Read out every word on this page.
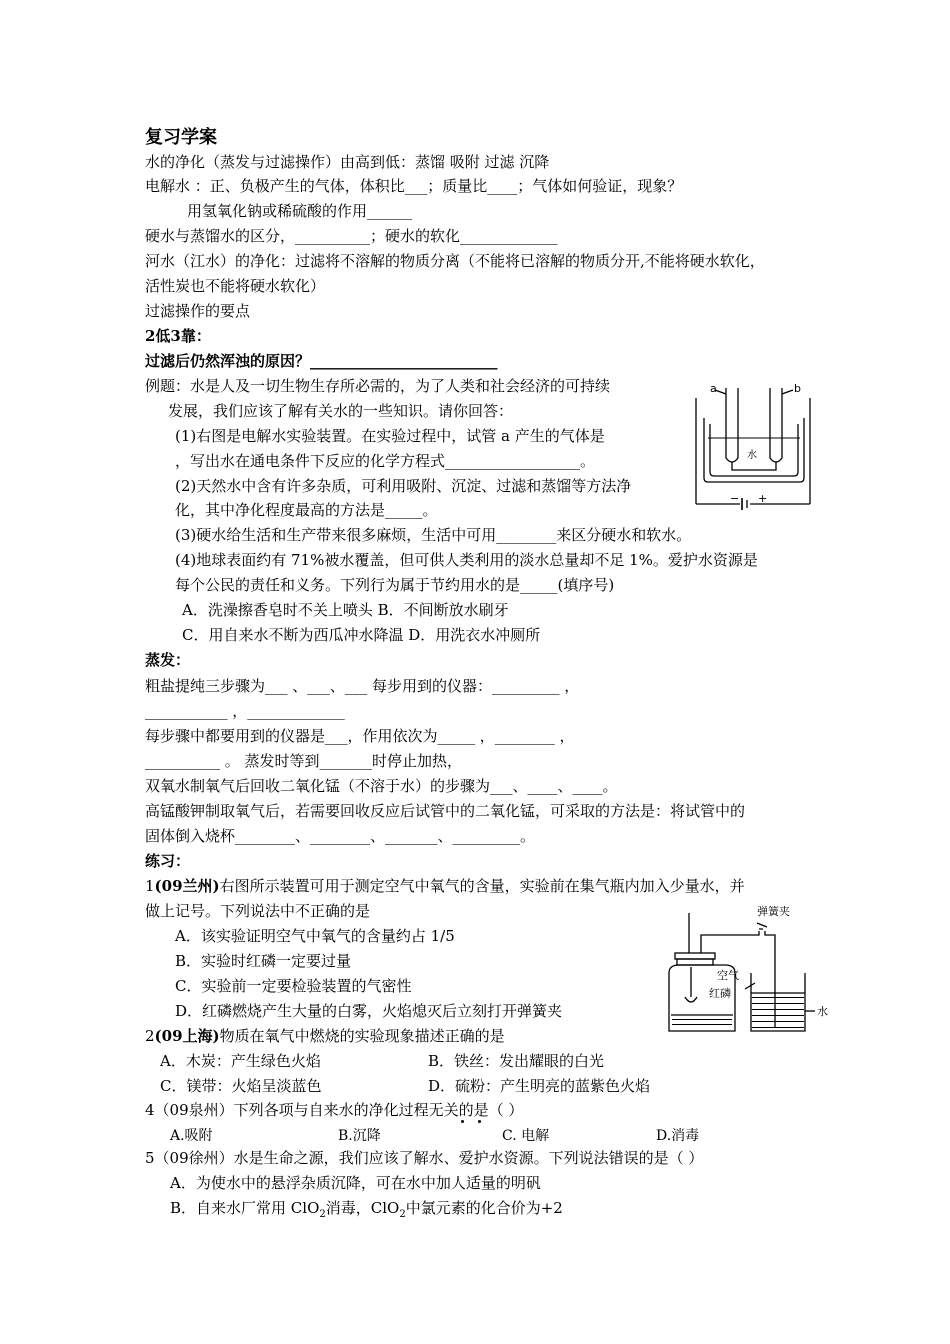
复习学案
水的净化（蒸发与过滤操作）由高到低：蒸馏 吸附 过滤 沉降
电解水 ：正、负极产生的气体，体积比___；质量比____；气体如何验证，现象？
用氢氧化钠或稀硫酸的作用______
硬水与蒸馏水的区分，__________；硬水的软化_____________
河水（江水）的净化：过滤将不溶解的物质分离（不能将已溶解的物质分开,不能将硬水软化，
活性炭也不能将硬水软化）
过滤操作的要点
2低3靠：
过滤后仍然浑浊的原因？_________________________
例题：水是人及一切生物生存所必需的，为了人类和社会经济的可持续
发展，我们应该了解有关水的一些知识。请你回答：
(1)右图是电解水实验装置。在实验过程中，试管 a 产生的气体是
，写出水在通电条件下反应的化学方程式__________________。
(2)天然水中含有许多杂质，可利用吸附、沉淀、过滤和蒸馏等方法净
化，其中净化程度最高的方法是_____。
(3)硬水给生活和生产带来很多麻烦，生活中可用________来区分硬水和软水。
(4)地球表面约有 71%被水覆盖，但可供人类利用的淡水总量却不足 1%。爱护水资源是
每个公民的责任和义务。下列行为属于节约用水的是_____(填序号)
A．洗澡擦香皂时不关上喷头 B．不间断放水刷牙
C．用自来水不断为西瓜冲水降温 D．用洗衣水冲厕所
蒸发：
粗盐提纯三步骤为___ 、___、___ 每步用到的仪器：_________ ，
___________ ，_____________
每步骤中都要用到的仪器是___，作用依次为_____ ，________ ，
__________ 。 蒸发时等到_______时停止加热，
双氧水制氧气后回收二氧化锰（不溶于水）的步骤为___、____、____。
高锰酸钾制取氧气后，若需要回收反应后试管中的二氧化锰，可采取的方法是：将试管中的
固体倒入烧杯________、________、_______、_________。
练习：
1(09兰州)右图所示装置可用于测定空气中氧气的含量，实验前在集气瓶内加入少量水，并
做上记号。下列说法中不正确的是
A．该实验证明空气中氧气的含量约占 1/5
B．实验时红磷一定要过量
C．实验前一定要检验装置的气密性
D．红磷燃烧产生大量的白雾，火焰熄灭后立刻打开弹簧夹
2(09上海)物质在氧气中燃烧的实验现象描述正确的是
A．木炭：产生绿色火焰	B．铁丝：发出耀眼的白光
C．镁带：火焰呈淡蓝色	D．硫粉：产生明亮的蓝紫色火焰
4（09泉州）下列各项与自来水的净化过程无关的是（ ）
A.吸附	B.沉降	C. 电解	D.消毒
5（09徐州）水是生命之源，我们应该了解水、爱护水资源。下列说法错误的是（ ）
A．为使水中的悬浮杂质沉降，可在水中加人适量的明矾
B．自来水厂常用 ClO$_2$消毒，ClO$_2$中氯元素的化合价为+2
a	b
水
− +
弹簧夹
空气
红磷
水
